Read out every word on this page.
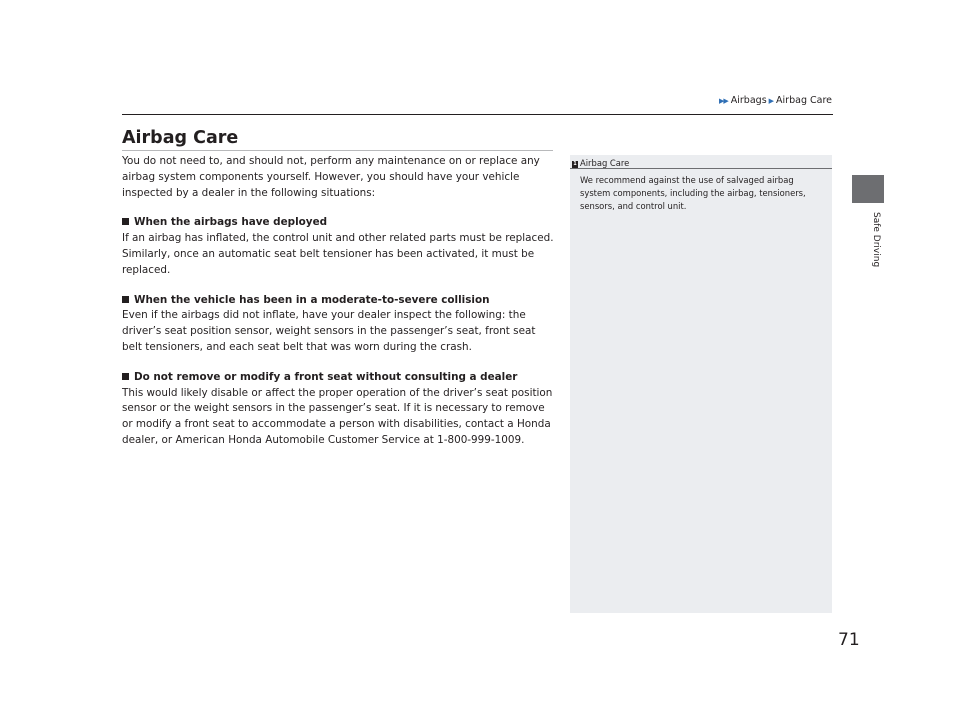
▶▶ Airbags ▶ Airbag Care
Safe Driving
Airbag Care

You do not need to, and should not, perform any maintenance on or replace any airbag system components yourself. However, you should have your vehicle inspected by a dealer in the following situations:

When the airbags have deployed

If an airbag has inflated, the control unit and other related parts must be replaced. Similarly, once an automatic seat belt tensioner has been activated, it must be replaced.

When the vehicle has been in a moderate-to-severe collision

Even if the airbags did not inflate, have your dealer inspect the following: the driver’s seat position sensor, weight sensors in the passenger’s seat, front seat belt tensioners, and each seat belt that was worn during the crash.

Do not remove or modify a front seat without consulting a dealer

This would likely disable or affect the proper operation of the driver’s seat position sensor or the weight sensors in the passenger’s seat. If it is necessary to remove or modify a front seat to accommodate a person with disabilities, contact a Honda dealer, or American Honda Automobile Customer Service at 1-800-999-1009.

1 Airbag Care

We recommend against the use of salvaged airbag system components, including the airbag, tensioners, sensors, and control unit.

71
